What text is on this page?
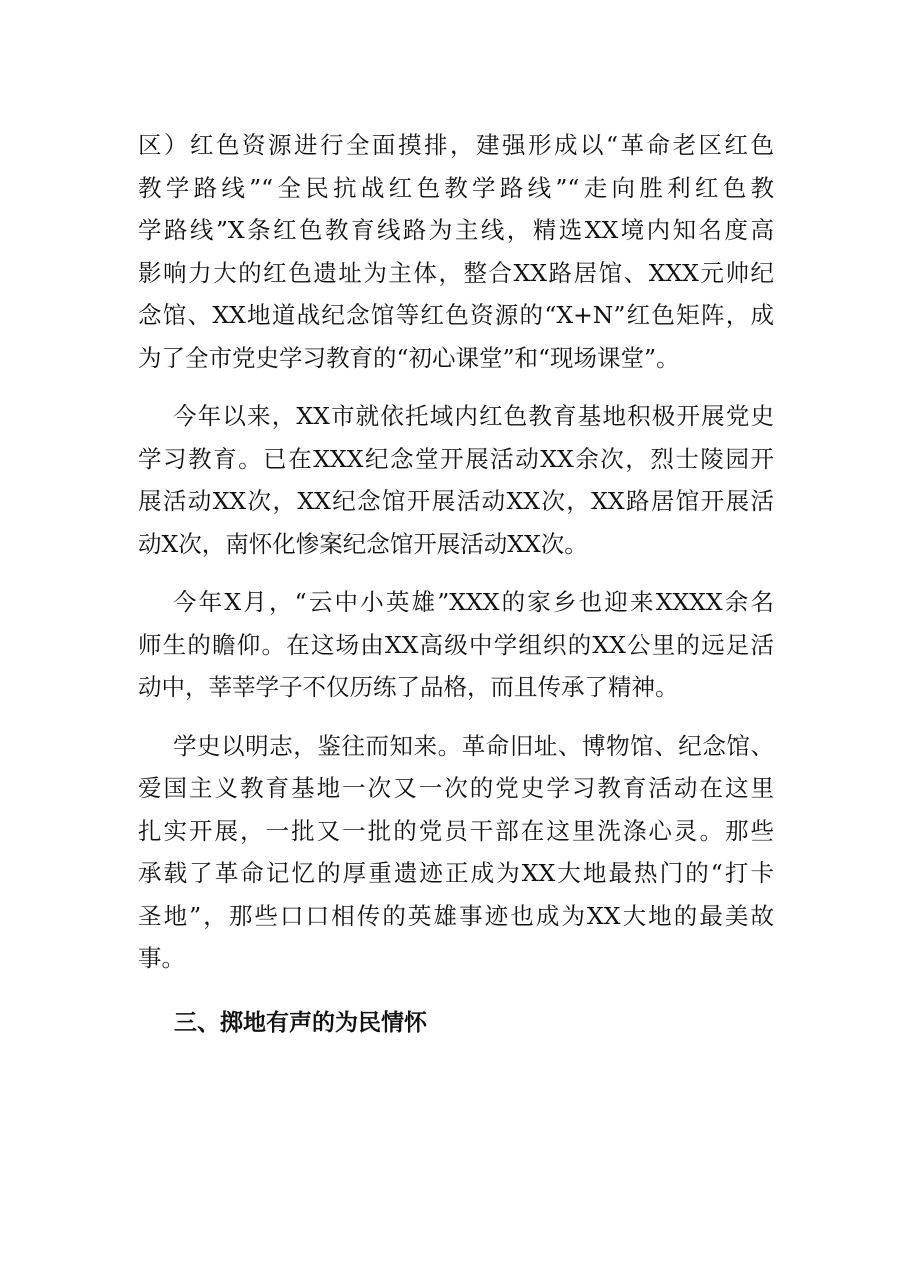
区）红色资源进行全面摸排，建强形成以“革命老区红色
教学路线”“全民抗战红色教学路线”“走向胜利红色教
学路线”X条红色教育线路为主线，精选XX境内知名度高
影响力大的红色遗址为主体，整合XX路居馆、XXX元帅纪
念馆、XX地道战纪念馆等红色资源的“X+N”红色矩阵，成
为了全市党史学习教育的“初心课堂”和“现场课堂”。
今年以来，XX市就依托域内红色教育基地积极开展党史
学习教育。已在XXX纪念堂开展活动XX余次，烈士陵园开
展活动XX次，XX纪念馆开展活动XX次，XX路居馆开展活
动X次，南怀化惨案纪念馆开展活动XX次。
今年X月，“云中小英雄”XXX的家乡也迎来XXXX余名
师生的瞻仰。在这场由XX高级中学组织的XX公里的远足活
动中，莘莘学子不仅历练了品格，而且传承了精神。
学史以明志，鉴往而知来。革命旧址、博物馆、纪念馆、
爱国主义教育基地一次又一次的党史学习教育活动在这里
扎实开展，一批又一批的党员干部在这里洗涤心灵。那些
承载了革命记忆的厚重遗迹正成为XX大地最热门的“打卡
圣地”，那些口口相传的英雄事迹也成为XX大地的最美故
事。
三、掷地有声的为民情怀
